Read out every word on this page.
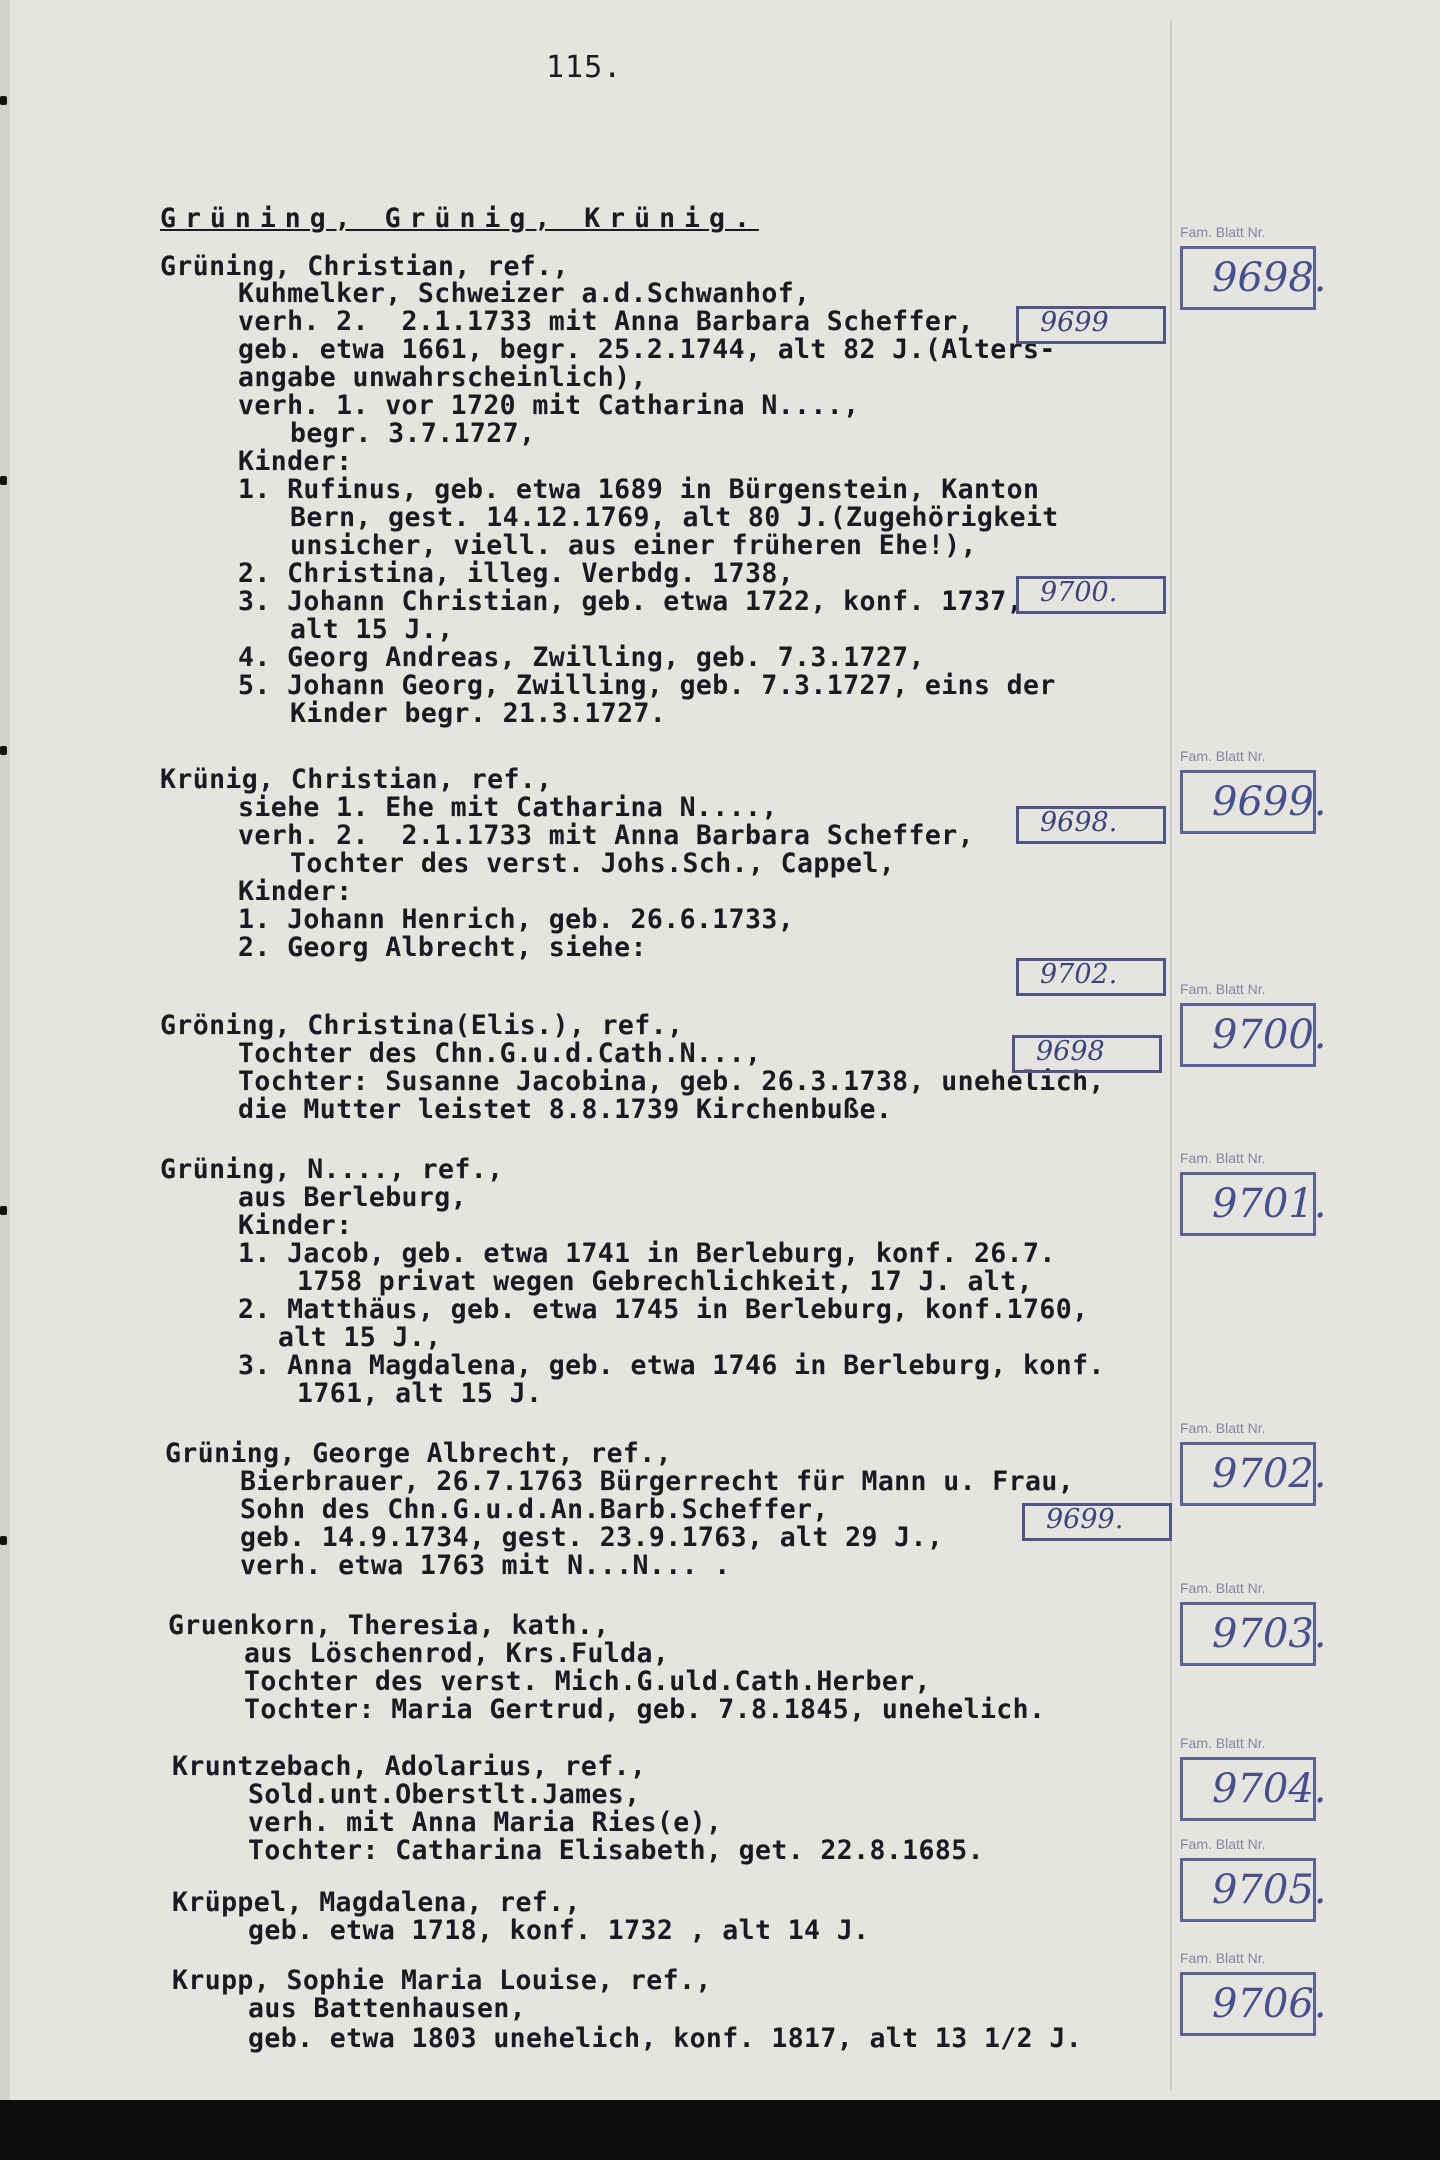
115.
Grüning, Grünig, Krünig.
Grüning, Christian, ref.,
Kuhmelker, Schweizer a.d.Schwanhof,
verh. 2.  2.1.1733 mit Anna Barbara Scheffer,
geb. etwa 1661, begr. 25.2.1744, alt 82 J.(Alters-
angabe unwahrscheinlich),
verh. 1. vor 1720 mit Catharina N....,
begr. 3.7.1727,
Kinder:
1. Rufinus, geb. etwa 1689 in Bürgenstein, Kanton
Bern, gest. 14.12.1769, alt 80 J.(Zugehörigkeit
unsicher, viell. aus einer früheren Ehe!),
2. Christina, illeg. Verbdg. 1738,
3. Johann Christian, geb. etwa 1722, konf. 1737,
alt 15 J.,
4. Georg Andreas, Zwilling, geb. 7.3.1727,
5. Johann Georg, Zwilling, geb. 7.3.1727, eins der
Kinder begr. 21.3.1727.
Krünig, Christian, ref.,
siehe 1. Ehe mit Catharina N....,
verh. 2.  2.1.1733 mit Anna Barbara Scheffer,
Tochter des verst. Johs.Sch., Cappel,
Kinder:
1. Johann Henrich, geb. 26.6.1733,
2. Georg Albrecht, siehe:
Gröning, Christina(Elis.), ref.,
Tochter des Chn.G.u.d.Cath.N...,
Tochter: Susanne Jacobina, geb. 26.3.1738, unehelich,
die Mutter leistet 8.8.1739 Kirchenbuße.
Grüning, N...., ref.,
aus Berleburg,
Kinder:
1. Jacob, geb. etwa 1741 in Berleburg, konf. 26.7.
1758 privat wegen Gebrechlichkeit, 17 J. alt,
2. Matthäus, geb. etwa 1745 in Berleburg, konf.1760,
alt 15 J.,
3. Anna Magdalena, geb. etwa 1746 in Berleburg, konf.
1761, alt 15 J.
Grüning, George Albrecht, ref.,
Bierbrauer, 26.7.1763 Bürgerrecht für Mann u. Frau,
Sohn des Chn.G.u.d.An.Barb.Scheffer,
geb. 14.9.1734, gest. 23.9.1763, alt 29 J.,
verh. etwa 1763 mit N...N... .
Gruenkorn, Theresia, kath.,
aus Löschenrod, Krs.Fulda,
Tochter des verst. Mich.G.uld.Cath.Herber,
Tochter: Maria Gertrud, geb. 7.8.1845, unehelich.
Kruntzebach, Adolarius, ref.,
Sold.unt.Oberstlt.James,
verh. mit Anna Maria Ries(e),
Tochter: Catharina Elisabeth, get. 22.8.1685.
Krüppel, Magdalena, ref.,
geb. etwa 1718, konf. 1732 , alt 14 J.
Krupp, Sophie Maria Louise, ref.,
aus Battenhausen,
geb. etwa 1803 unehelich, konf. 1817, alt 13 1/2 J.
Fam. Blatt Nr.
Fam. Blatt Nr.
Fam. Blatt Nr.
Fam. Blatt Nr.
Fam. Blatt Nr.
Fam. Blatt Nr.
Fam. Blatt Nr.
Fam. Blatt Nr.
Fam. Blatt Nr.
9698.
9699.
9700.
9701.
9702.
9703.
9704.
9705.
9706.
9699
9700.
9698.
9702.
9698
9699.
